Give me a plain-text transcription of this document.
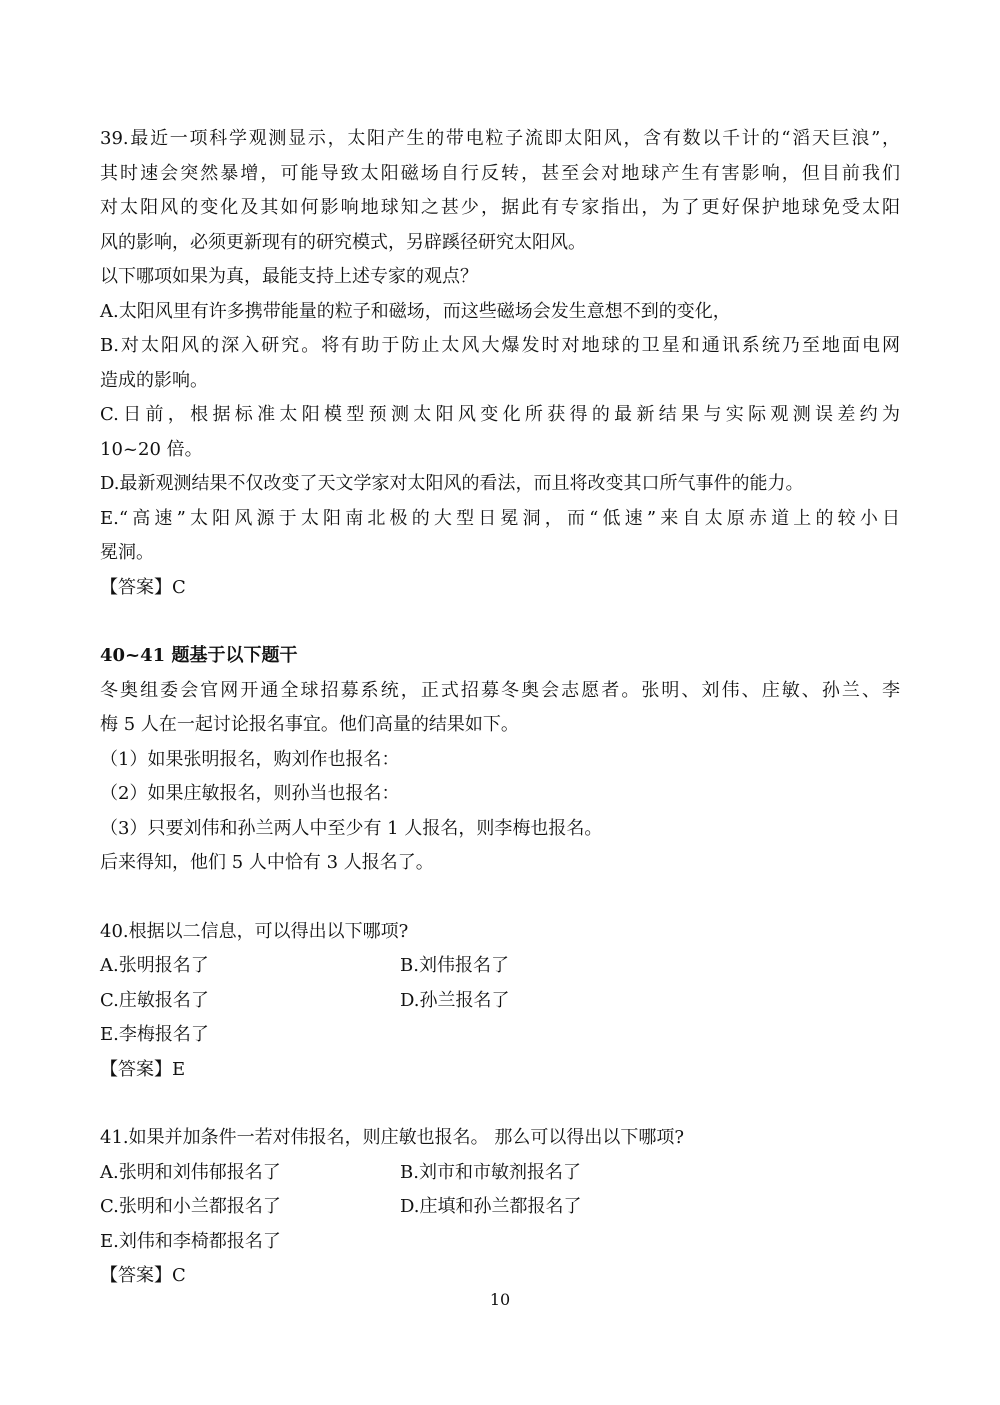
39.最近一项科学观测显示，太阳产生的带电粒子流即太阳风，含有数以千计的“滔天巨浪”，
其时速会突然暴增，可能导致太阳磁场自行反转，甚至会对地球产生有害影响，但目前我们
对太阳风的变化及其如何影响地球知之甚少，据此有专家指出，为了更好保护地球免受太阳
风的影响，必须更新现有的研究模式，另辟蹊径研究太阳风。
以下哪项如果为真，最能支持上述专家的观点？
A.太阳风里有许多携带能量的粒子和磁场，而这些磁场会发生意想不到的变化，
B.对太阳风的深入研究。将有助于防止太风大爆发时对地球的卫星和通讯系统乃至地面电网
造成的影响。
C.日前，根据标准太阳模型预测太阳风变化所获得的最新结果与实际观测误差约为
10~20 倍。
D.最新观测结果不仅改变了天文学家对太阳风的看法，而且将改变其口所气事件的能力。
E.“高速”太阳风源于太阳南北极的大型日冕洞，而“低速”来自太原赤道上的较小日
冕洞。
【答案】C
40~41 题基于以下题干
冬奥组委会官网开通全球招募系统，正式招募冬奥会志愿者。张明、刘伟、庄敏、孙兰、李
梅 5 人在一起讨论报名事宜。他们高量的结果如下。
（1）如果张明报名，购刘作也报名：
（2）如果庄敏报名，则孙当也报名：
（3）只要刘伟和孙兰两人中至少有 1 人报名，则李梅也报名。
后来得知，他们 5 人中恰有 3 人报名了。
40.根据以二信息，可以得出以下哪项?
A.张明报名了	B.刘伟报名了
C.庄敏报名了	D.孙兰报名了
E.李梅报名了
【答案】E
41.如果并加条件一若对伟报名，则庄敏也报名。 那么可以得出以下哪项?
A.张明和刘伟郁报名了	B.刘市和市敏剂报名了
C.张明和小兰都报名了	D.庄填和孙兰都报名了
E.刘伟和李椅都报名了
【答案】C
10
